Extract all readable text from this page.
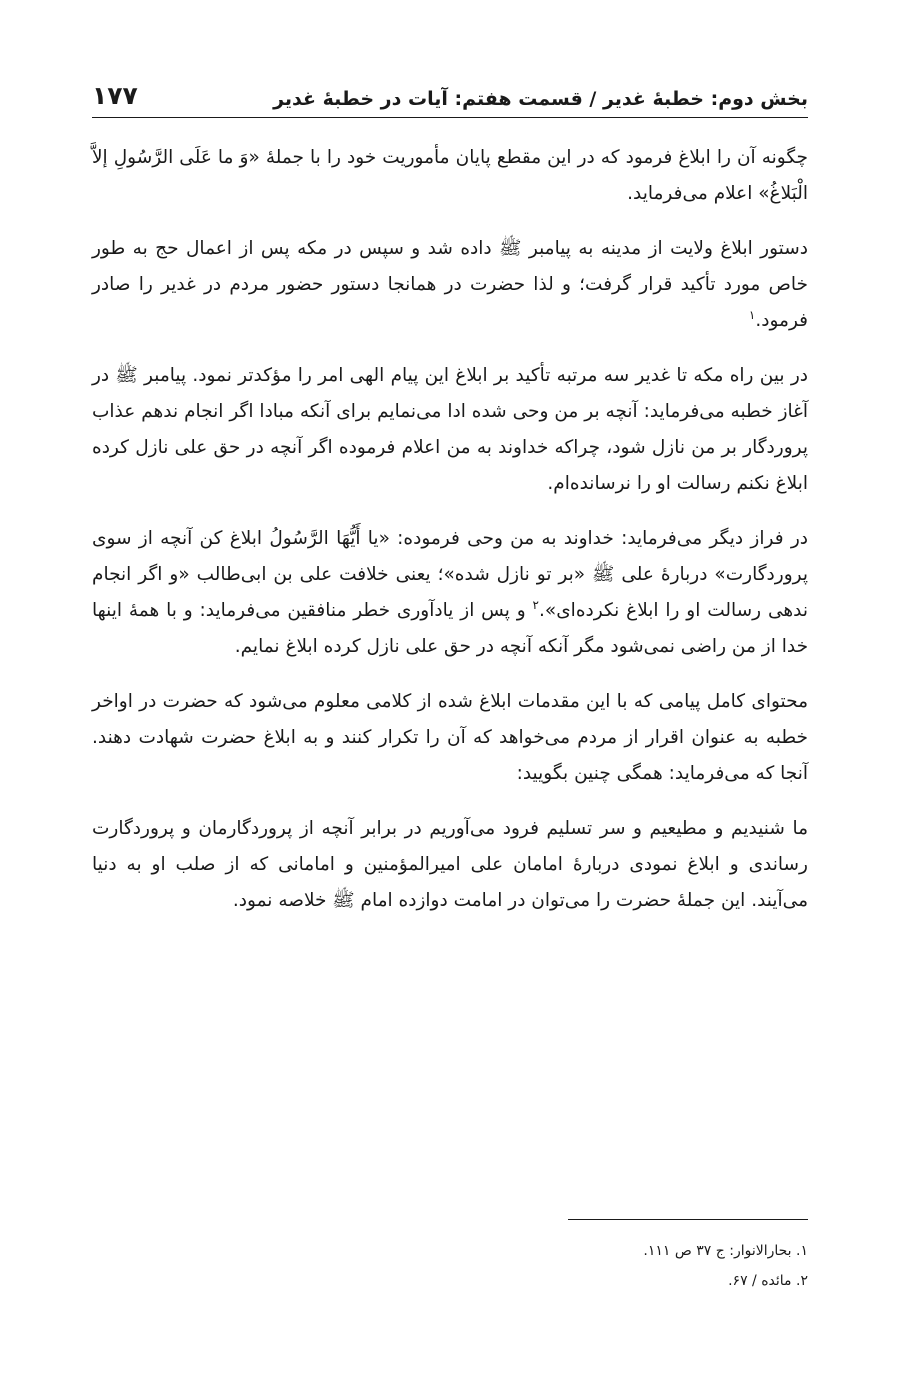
بخش دوم: خطبهٔ غدیر / قسمت هفتم: آیات در خطبهٔ غدیر
۱۷۷

چگونه آن را ابلاغ فرمود که در این مقطع پایان مأموریت خود را با جملهٔ «وَ ما عَلَی الرَّسُولِ إلاَّ الْبَلاغُ» اعلام می‌فرماید.

دستور ابلاغ ولایت از مدینه به پیامبر ﷺ داده شد و سپس در مکه پس از اعمال حج به طور خاص مورد تأکید قرار گرفت؛ و لذا حضرت در همانجا دستور حضور مردم در غدیر را صادر فرمود.$^۱$

در بین راه مکه تا غدیر سه مرتبه تأکید بر ابلاغ این پیام الهی امر را مؤکدتر نمود. پیامبر ﷺ در آغاز خطبه می‌فرماید: آنچه بر من وحی شده ادا می‌نمایم برای آنکه مبادا اگر انجام ندهم عذاب پروردگار بر من نازل شود، چراکه خداوند به من اعلام فرموده اگر آنچه در حق علی نازل کرده ابلاغ نکنم رسالت او را نرسانده‌ام.

در فراز دیگر می‌فرماید: خداوند به من وحی فرموده: «یا أَیُّهَا الرَّسُولُ ابلاغ کن آنچه از سوی پروردگارت» دربارهٔ علی ﷺ «بر تو نازل شده»؛ یعنی خلافت علی بن ابی‌طالب «و اگر انجام ندهی رسالت او را ابلاغ نکرده‌ای».$^۲$ و پس از یادآوری خطر منافقین می‌فرماید: و با همهٔ اینها خدا از من راضی نمی‌شود مگر آنکه آنچه در حق علی نازل کرده ابلاغ نمایم.

محتوای کامل پیامی که با این مقدمات ابلاغ شده از کلامی معلوم می‌شود که حضرت در اواخر خطبه به عنوان اقرار از مردم می‌خواهد که آن را تکرار کنند و به ابلاغ حضرت شهادت دهند. آنجا که می‌فرماید: همگی چنین بگویید:

ما شنیدیم و مطیعیم و سر تسلیم فرود می‌آوریم در برابر آنچه از پروردگارمان و پروردگارت رساندی و ابلاغ نمودی دربارهٔ امامان علی امیرالمؤمنین و امامانی که از صلب او به دنیا می‌آیند. این جملهٔ حضرت را می‌توان در امامت دوازده امام ﷺ خلاصه نمود.

۱. بحارالانوار: ج ۳۷ ص ۱۱۱.

۲. مائده / ۶۷.
